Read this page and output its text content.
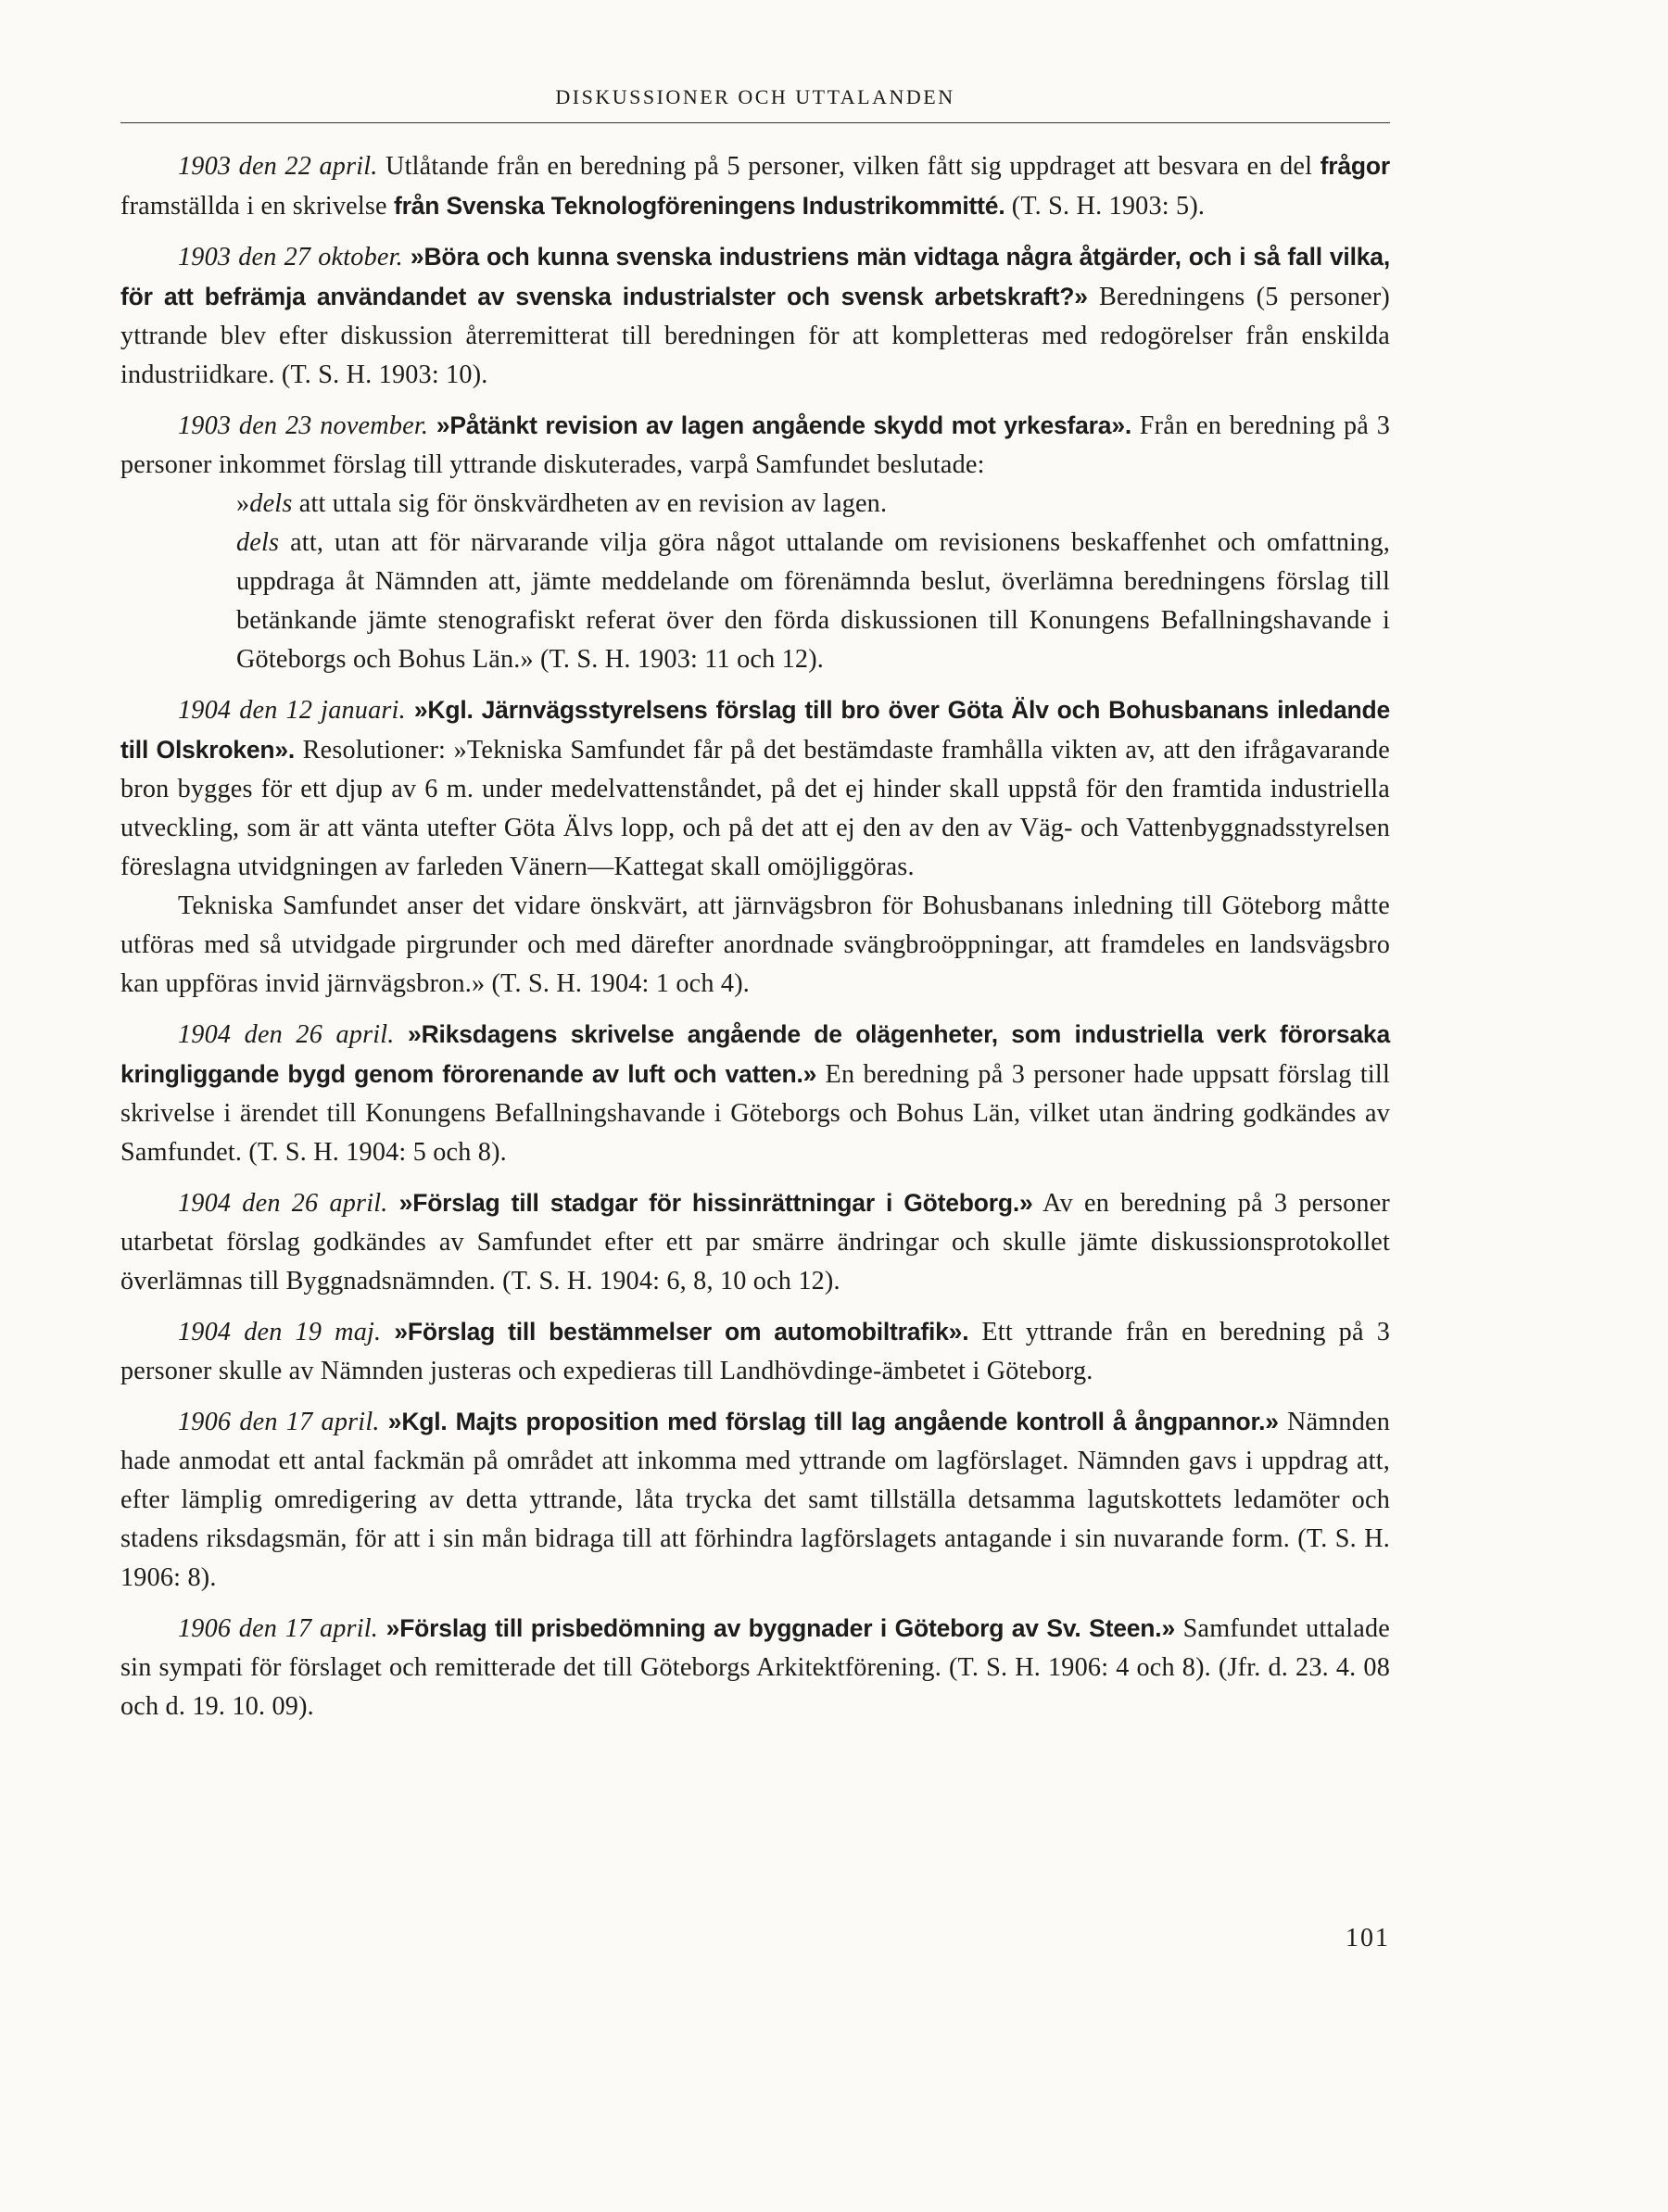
DISKUSSIONER OCH UTTALANDEN
1903 den 22 april. Utlåtande från en beredning på 5 personer, vilken fått sig uppdraget att besvara en del frågor framställda i en skrivelse från Svenska Teknologföreningens Industrikommitté. (T. S. H. 1903: 5).
1903 den 27 oktober. »Böra och kunna svenska industriens män vidtaga några åtgärder, och i så fall vilka, för att befrämja användandet av svenska industrialster och svensk arbetskraft?» Beredningens (5 personer) yttrande blev efter diskussion återremitterat till beredningen för att kompletteras med redogörelser från enskilda industriidkare. (T. S. H. 1903: 10).
1903 den 23 november. »Påtänkt revision av lagen angående skydd mot yrkesfara». Från en beredning på 3 personer inkommet förslag till yttrande diskuterades, varpå Samfundet beslutade:

»dels att uttala sig för önskvärdheten av en revision av lagen.

dels att, utan att för närvarande vilja göra något uttalande om revisionens beskaffenhet och omfattning, uppdraga åt Nämnden att, jämte meddelande om förenämnda beslut, överlämna beredningens förslag till betänkande jämte stenografiskt referat över den förda diskussionen till Konungens Befallningshavande i Göteborgs och Bohus Län.» (T. S. H. 1903: 11 och 12).

1904 den 12 januari. »Kgl. Järnvägsstyrelsens förslag till bro över Göta Älv och Bohusbanans inledande till Olskroken». Resolutioner: »Tekniska Samfundet får på det bestämdaste framhålla vikten av, att den ifrågavarande bron bygges för ett djup av 6 m. under medelvattenståndet, på det ej hinder skall uppstå för den framtida industriella utveckling, som är att vänta utefter Göta Älvs lopp, och på det att ej den av den av Väg- och Vattenbyggnadsstyrelsen föreslagna utvidgningen av farleden Vänern—Kattegat skall omöjliggöras.
Tekniska Samfundet anser det vidare önskvärt, att järnvägsbron för Bohusbanans inledning till Göteborg måtte utföras med så utvidgade pirgrunder och med därefter anordnade svängbroöppningar, att framdeles en landsvägsbro kan uppföras invid järnvägsbron.» (T. S. H. 1904: 1 och 4).
1904 den 26 april. »Riksdagens skrivelse angående de olägenheter, som industriella verk förorsaka kringliggande bygd genom förorenande av luft och vatten.» En beredning på 3 personer hade uppsatt förslag till skrivelse i ärendet till Konungens Befallningshavande i Göteborgs och Bohus Län, vilket utan ändring godkändes av Samfundet. (T. S. H. 1904: 5 och 8).
1904 den 26 april. »Förslag till stadgar för hissinrättningar i Göteborg.» Av en beredning på 3 personer utarbetat förslag godkändes av Samfundet efter ett par smärre ändringar och skulle jämte diskussionsprotokollet överlämnas till Byggnadsnämnden. (T. S. H. 1904: 6, 8, 10 och 12).
1904 den 19 maj. »Förslag till bestämmelser om automobiltrafik». Ett yttrande från en beredning på 3 personer skulle av Nämnden justeras och expedieras till Landhövdinge-ämbetet i Göteborg.
1906 den 17 april. »Kgl. Majts proposition med förslag till lag angående kontroll å ångpannor.» Nämnden hade anmodat ett antal fackmän på området att inkomma med yttrande om lagförslaget. Nämnden gavs i uppdrag att, efter lämplig omredigering av detta yttrande, låta trycka det samt tillställa detsamma lagutskottets ledamöter och stadens riksdagsmän, för att i sin mån bidraga till att förhindra lagförslagets antagande i sin nuvarande form. (T. S. H. 1906: 8).
1906 den 17 april. »Förslag till prisbedömning av byggnader i Göteborg av Sv. Steen.» Samfundet uttalade sin sympati för förslaget och remitterade det till Göteborgs Arkitektförening. (T. S. H. 1906: 4 och 8). (Jfr. d. 23. 4. 08 och d. 19. 10. 09).
101
